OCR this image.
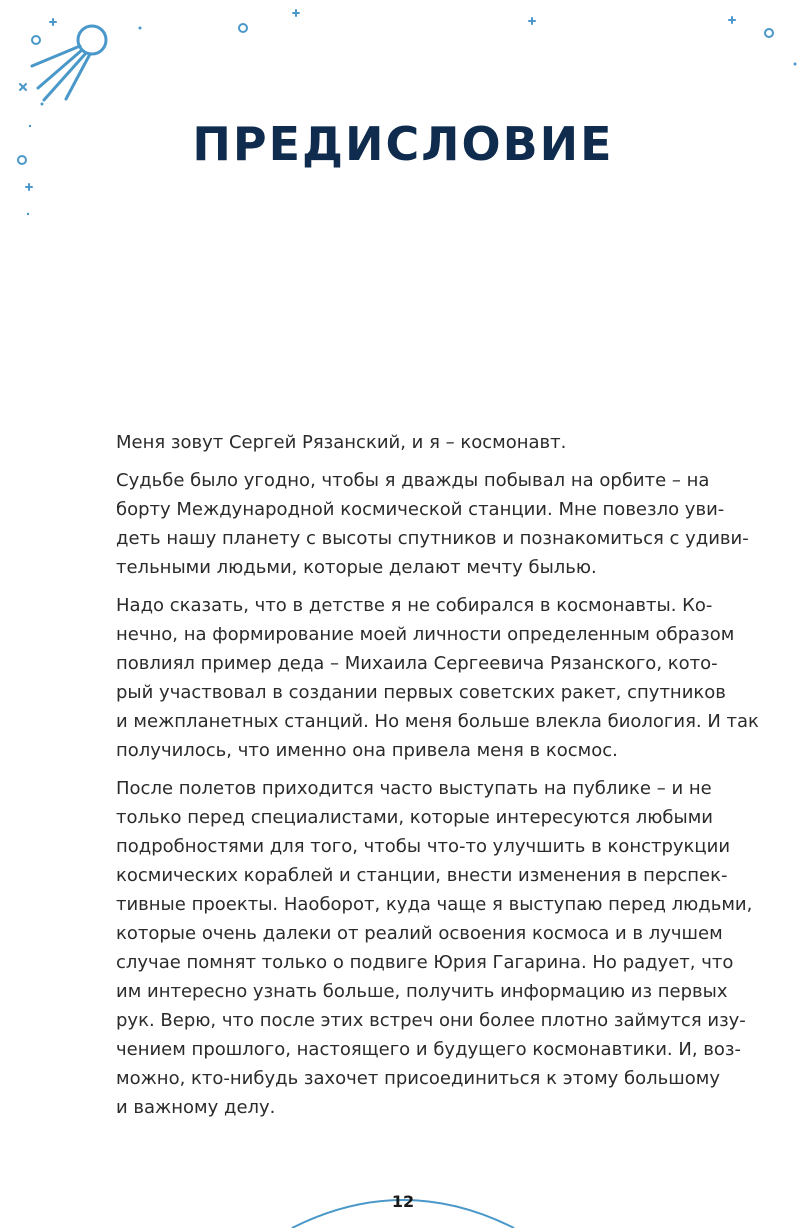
ПРЕДИСЛОВИЕ

Меня зовут Сергей Рязанский, и я – космонавт.

Судьбе было угодно, чтобы я дважды побывал на орбите – на
борту Международной космической станции. Мне повезло уви-
деть нашу планету с высоты спутников и познакомиться с удиви-
тельными людьми, которые делают мечту былью.

Надо сказать, что в детстве я не собирался в космонавты. Ко-
нечно, на формирование моей личности определенным образом
повлиял пример деда – Михаила Сергеевича Рязанского, кото-
рый участвовал в создании первых советских ракет, спутников
и межпланетных станций. Но меня больше влекла биология. И так
получилось, что именно она привела меня в космос.

После полетов приходится часто выступать на публике – и не
только перед специалистами, которые интересуются любыми
подробностями для того, чтобы что-то улучшить в конструкции
космических кораблей и станции, внести изменения в перспек-
тивные проекты. Наоборот, куда чаще я выступаю перед людьми,
которые очень далеки от реалий освоения космоса и в лучшем
случае помнят только о подвиге Юрия Гагарина. Но радует, что
им интересно узнать больше, получить информацию из первых
рук. Верю, что после этих встреч они более плотно займутся изу-
чением прошлого, настоящего и будущего космонавтики. И, воз-
можно, кто-нибудь захочет присоединиться к этому большому
и важному делу.

12
